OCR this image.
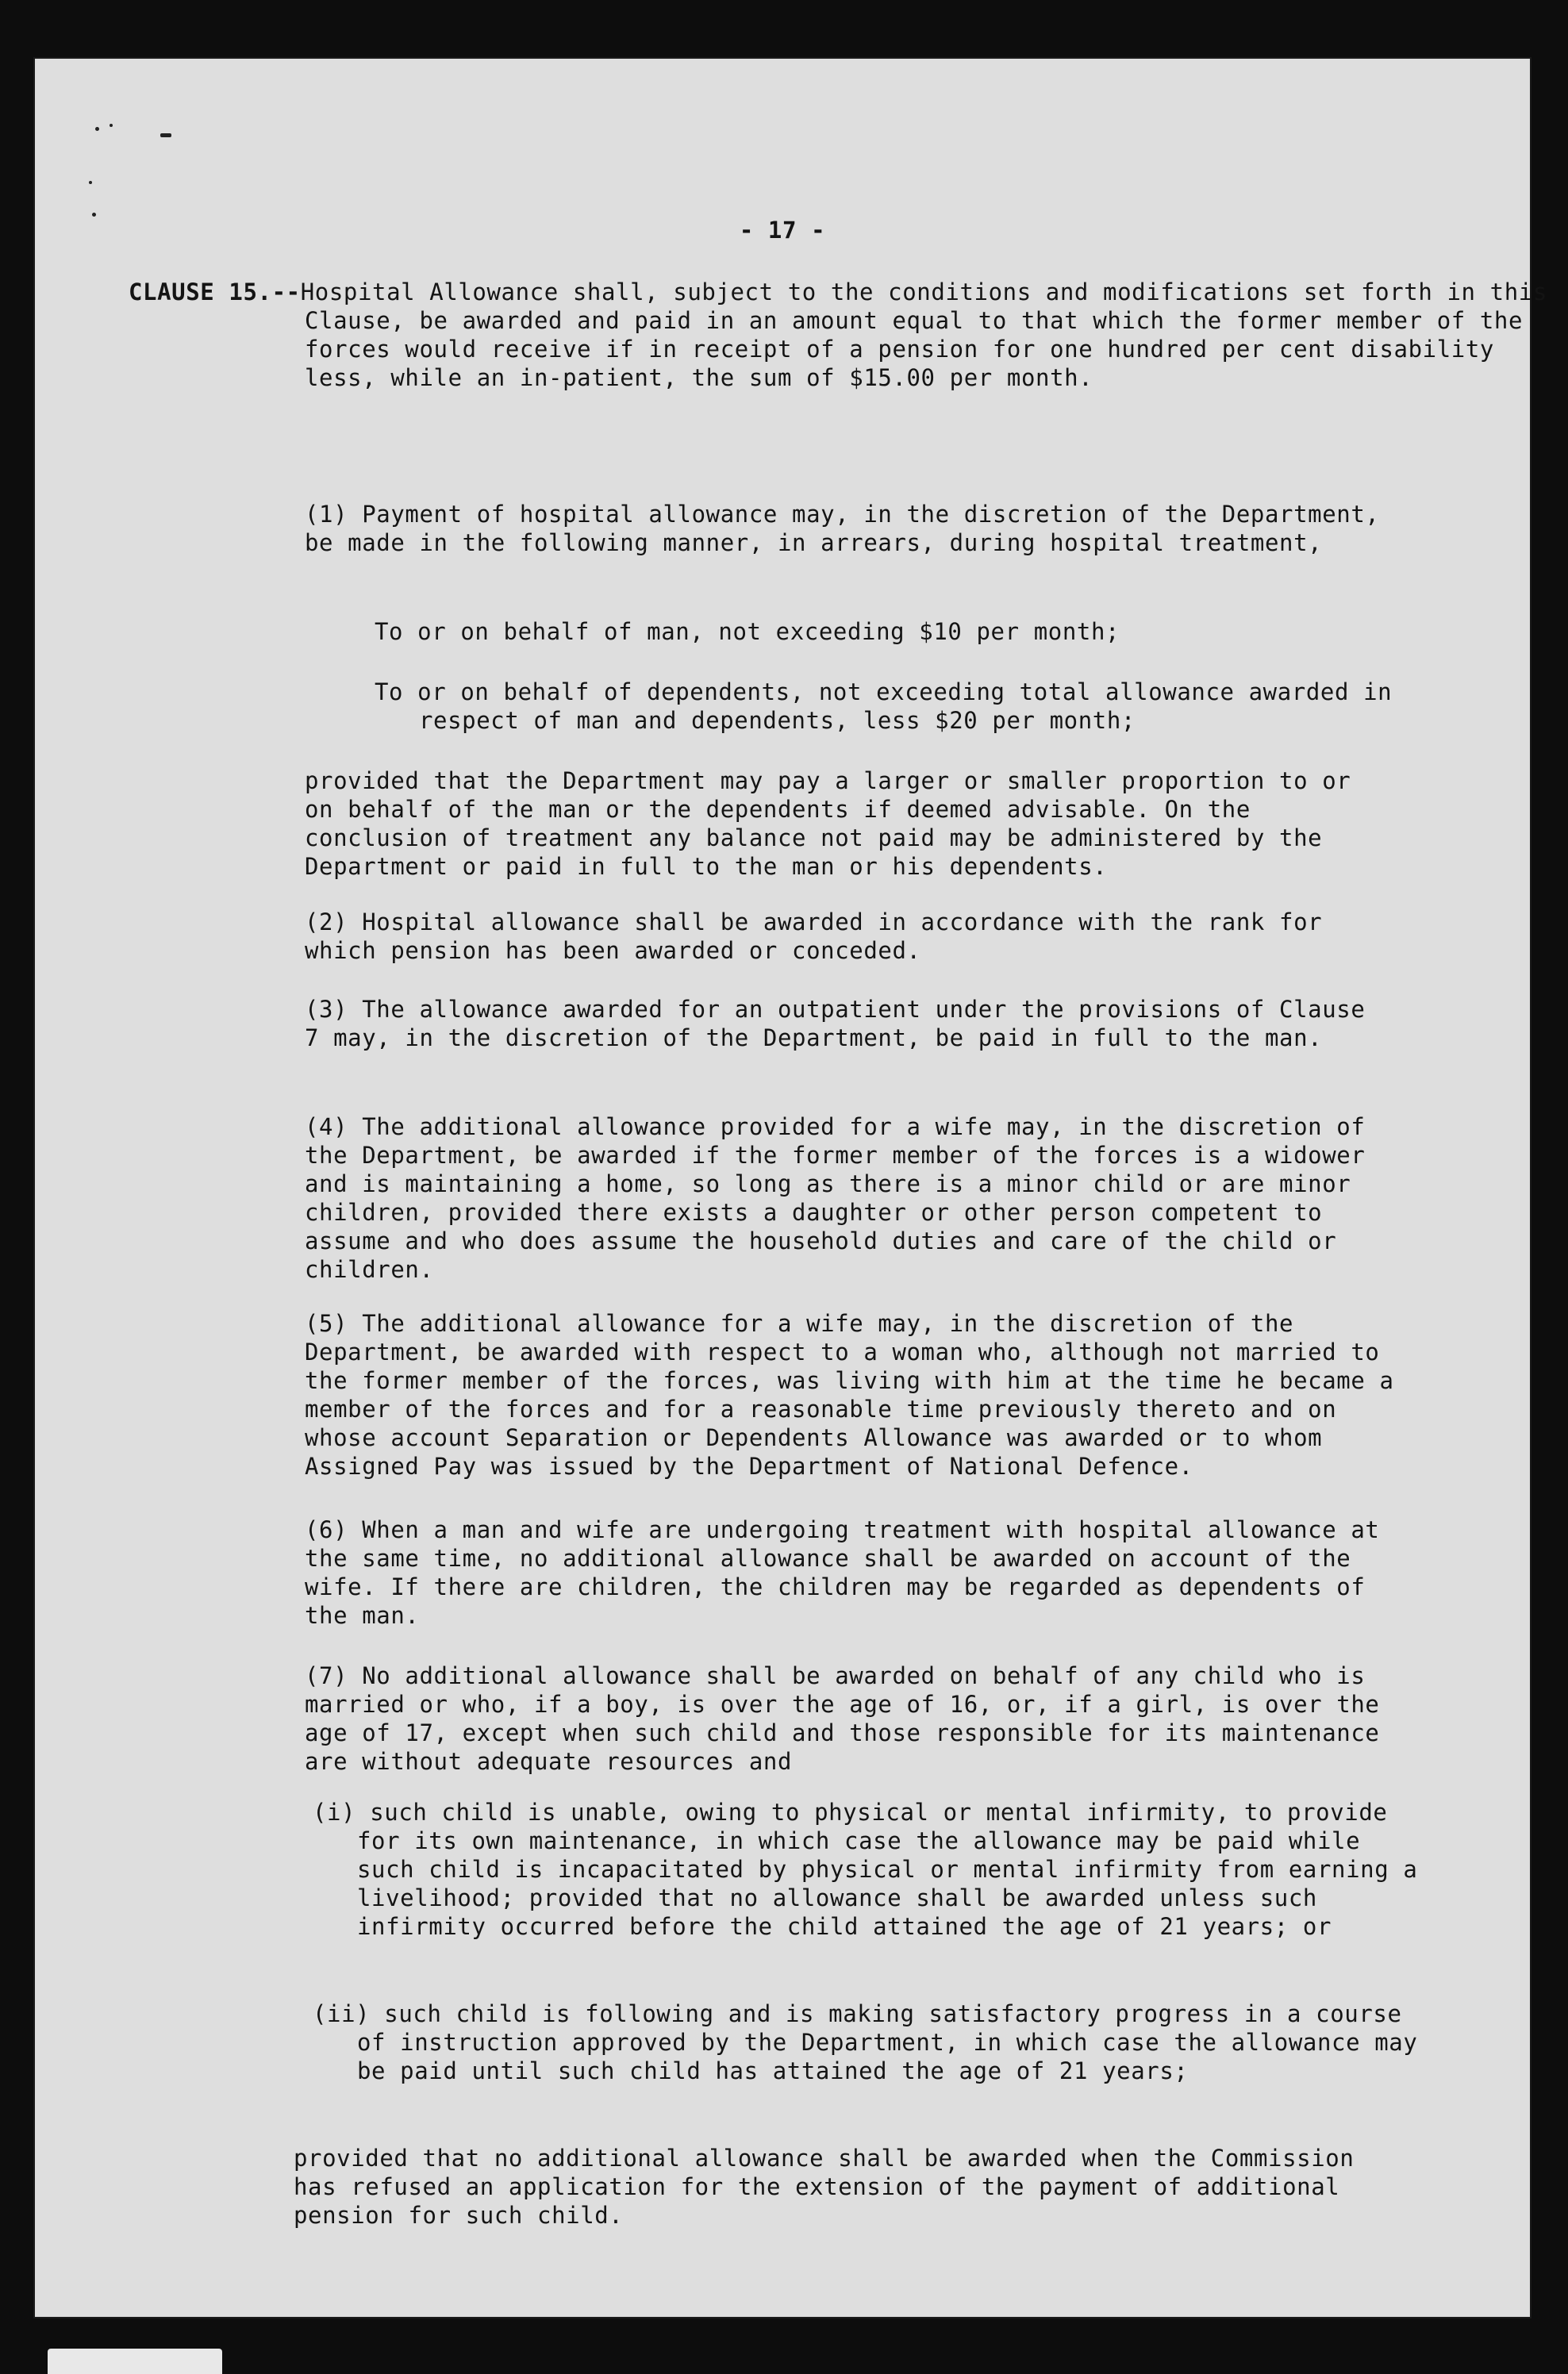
- 17 -
CLAUSE 15.-- Hospital Allowance shall, subject to the conditions and modifications set forth in this Clause, be awarded and paid in an amount equal to that which the former member of the forces would receive if in receipt of a pension for one hundred per cent disability less, while an in-patient, the sum of $15.00 per month.
(1) Payment of hospital allowance may, in the discretion of the Department, be made in the following manner, in arrears, during hospital treatment,
To or on behalf of man, not exceeding $10 per month;
To or on behalf of dependents, not exceeding total allowance awarded in respect of man and dependents, less $20 per month;
provided that the Department may pay a larger or smaller proportion to or on behalf of the man or the dependents if deemed advisable. On the conclusion of treatment any balance not paid may be administered by the Department or paid in full to the man or his dependents.
(2) Hospital allowance shall be awarded in accordance with the rank for which pension has been awarded or conceded.
(3) The allowance awarded for an outpatient under the provisions of Clause 7 may, in the discretion of the Department, be paid in full to the man.
(4) The additional allowance provided for a wife may, in the discretion of the Department, be awarded if the former member of the forces is a widower and is maintaining a home, so long as there is a minor child or are minor children, provided there exists a daughter or other person competent to assume and who does assume the household duties and care of the child or children.
(5) The additional allowance for a wife may, in the discretion of the Department, be awarded with respect to a woman who, although not married to the former member of the forces, was living with him at the time he became a member of the forces and for a reasonable time previously thereto and on whose account Separation or Dependents Allowance was awarded or to whom Assigned Pay was issued by the Department of National Defence.
(6) When a man and wife are undergoing treatment with hospital allowance at the same time, no additional allowance shall be awarded on account of the wife. If there are children, the children may be regarded as dependents of the man.
(7) No additional allowance shall be awarded on behalf of any child who is married or who, if a boy, is over the age of 16, or, if a girl, is over the age of 17, except when such child and those responsible for its maintenance are without adequate resources and
(i) such child is unable, owing to physical or mental infirmity, to provide for its own maintenance, in which case the allowance may be paid while such child is incapacitated by physical or mental infirmity from earning a livelihood; provided that no allowance shall be awarded unless such infirmity occurred before the child attained the age of 21 years; or
(ii) such child is following and is making satisfactory progress in a course of instruction approved by the Department, in which case the allowance may be paid until such child has attained the age of 21 years;
provided that no additional allowance shall be awarded when the Commission has refused an application for the extension of the payment of additional pension for such child.
